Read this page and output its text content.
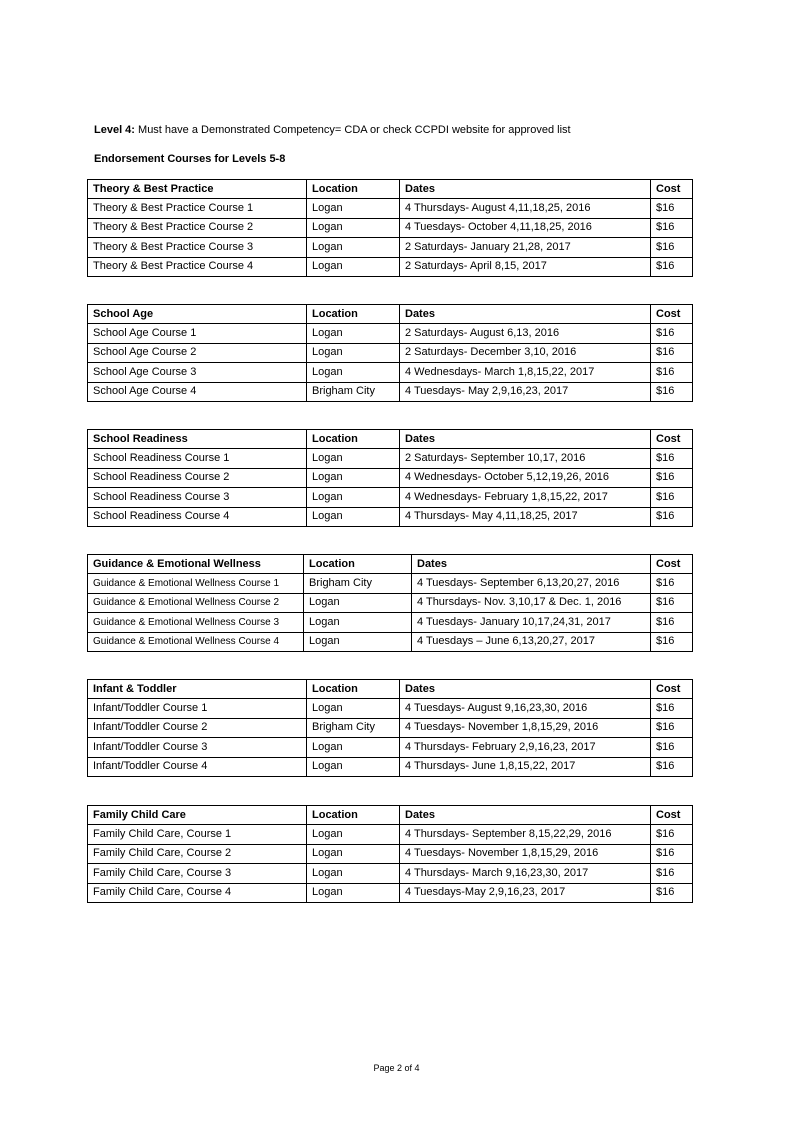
Level 4: Must have a Demonstrated Competency= CDA or check CCPDI website for approved list
Endorsement Courses for Levels 5-8
Theory & Best Practice	Location	Dates	Cost
Theory & Best Practice Course 1	Logan	4 Thursdays- August 4,11,18,25, 2016	$16
Theory & Best Practice Course 2	Logan	4 Tuesdays- October 4,11,18,25, 2016	$16
Theory & Best Practice Course 3	Logan	2 Saturdays- January 21,28, 2017	$16
Theory & Best Practice Course 4	Logan	2 Saturdays- April 8,15, 2017	$16
School Age	Location	Dates	Cost
School Age Course 1	Logan	2 Saturdays- August 6,13, 2016	$16
School Age Course 2	Logan	2 Saturdays- December 3,10, 2016	$16
School Age Course 3	Logan	4 Wednesdays- March 1,8,15,22, 2017	$16
School Age Course 4	Brigham City	4 Tuesdays- May 2,9,16,23, 2017	$16
School Readiness	Location	Dates	Cost
School Readiness Course 1	Logan	2 Saturdays- September 10,17, 2016	$16
School Readiness Course 2	Logan	4 Wednesdays- October 5,12,19,26, 2016	$16
School Readiness Course 3	Logan	4 Wednesdays- February 1,8,15,22, 2017	$16
School Readiness Course 4	Logan	4 Thursdays- May 4,11,18,25, 2017	$16
Guidance & Emotional Wellness	Location	Dates	Cost
Guidance & Emotional Wellness Course 1	Brigham City	4 Tuesdays- September 6,13,20,27, 2016	$16
Guidance & Emotional Wellness Course 2	Logan	4 Thursdays- Nov. 3,10,17 & Dec. 1, 2016	$16
Guidance & Emotional Wellness Course 3	Logan	4 Tuesdays- January 10,17,24,31, 2017	$16
Guidance & Emotional Wellness Course 4	Logan	4 Tuesdays – June 6,13,20,27, 2017	$16
Infant & Toddler	Location	Dates	Cost
Infant/Toddler Course 1	Logan	4 Tuesdays- August 9,16,23,30, 2016	$16
Infant/Toddler Course 2	Brigham City	4 Tuesdays- November 1,8,15,29, 2016	$16
Infant/Toddler Course 3	Logan	4 Thursdays- February 2,9,16,23, 2017	$16
Infant/Toddler Course 4	Logan	4 Thursdays- June 1,8,15,22, 2017	$16
Family Child Care	Location	Dates	Cost
Family Child Care, Course 1	Logan	4 Thursdays- September 8,15,22,29, 2016	$16
Family Child Care, Course 2	Logan	4 Tuesdays- November 1,8,15,29, 2016	$16
Family Child Care, Course 3	Logan	4 Thursdays- March 9,16,23,30, 2017	$16
Family Child Care, Course 4	Logan	4 Tuesdays-May 2,9,16,23, 2017	$16
Page 2 of 4
